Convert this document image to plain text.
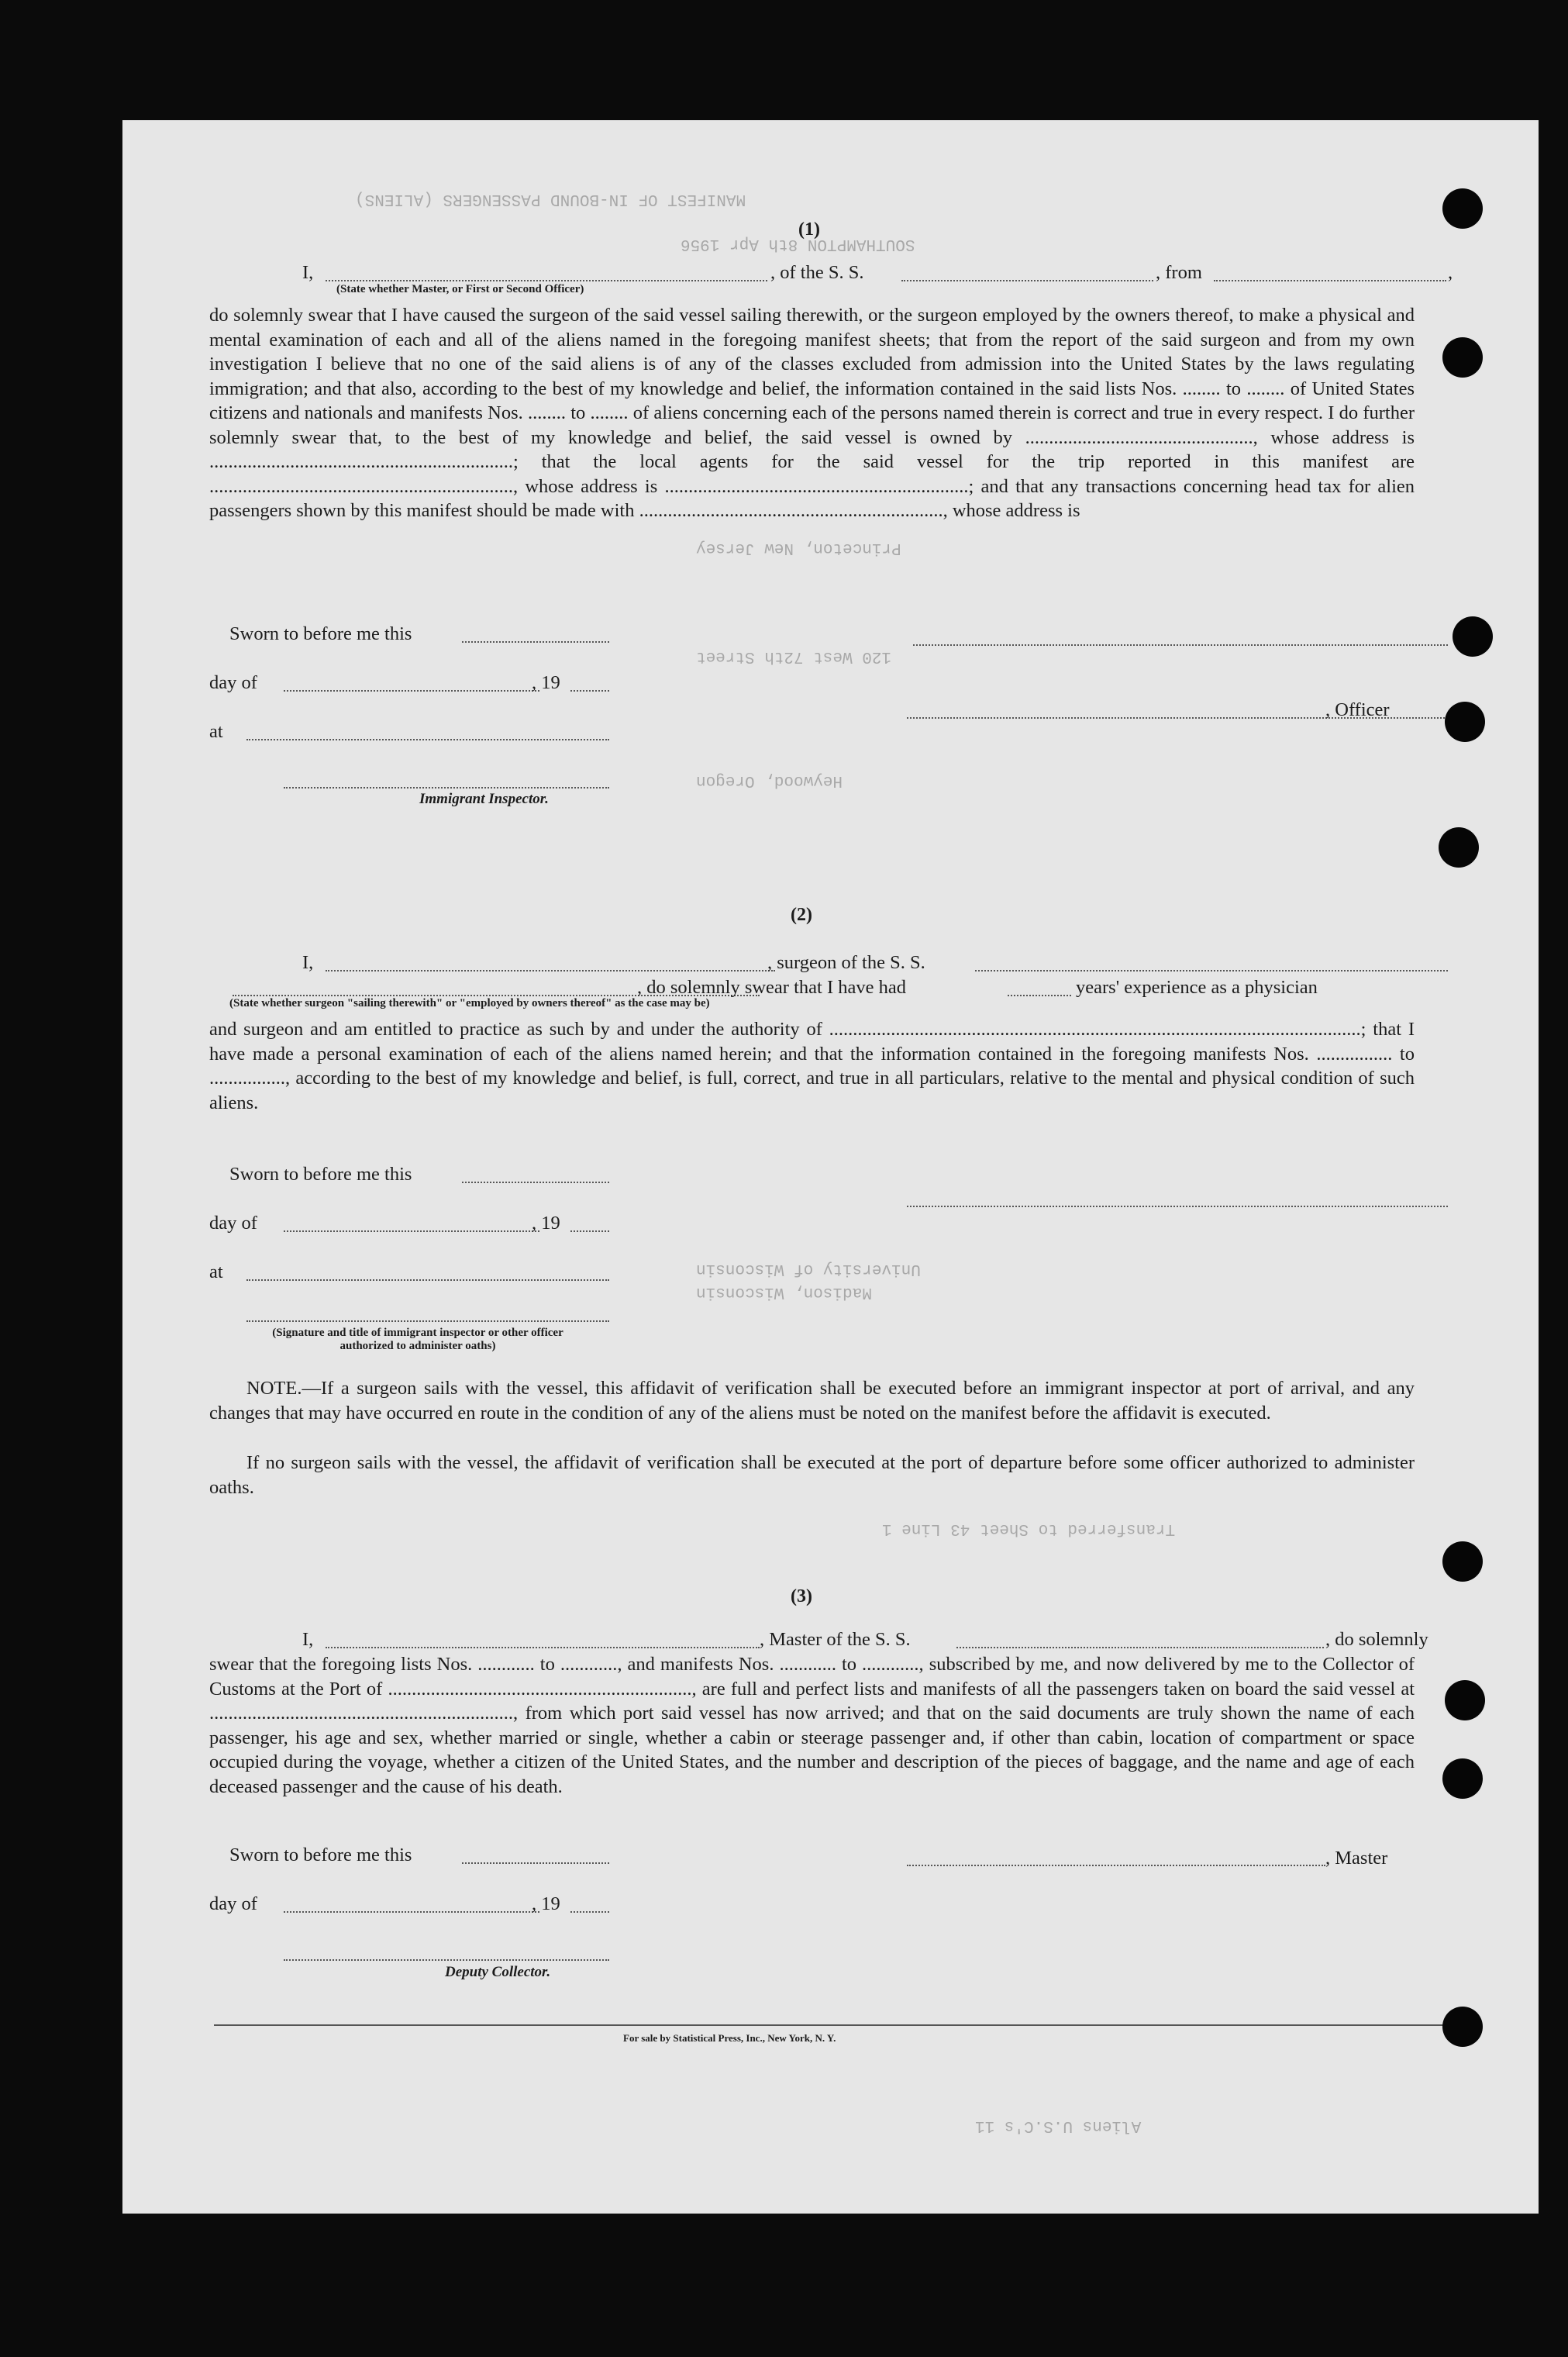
MANIFEST OF IN-BOUND PASSENGERS (ALIENS)
SOUTHAMPTON 8th Apr 1956
Princeton, New Jersey
120 West 72th Street
Heywood, Oregon
University of Wisconsin
Madison, Wisconsin
Transferred to Sheet 43 Line 1
Aliens U.S.C's 11
(1)
I,	, of the S. S.	, from	,
(State whether Master, or First or Second Officer)
do solemnly swear that I have caused the surgeon of the said vessel sailing therewith, or the surgeon employed by the owners thereof, to make a physical and mental examination of each and all of the aliens named in the foregoing manifest sheets; that from the report of the said surgeon and from my own investigation I believe that no one of the said aliens is of any of the classes excluded from admission into the United States by the laws regulating immigration; and that also, according to the best of my knowledge and belief, the information contained in the said lists Nos. ........ to ........ of United States citizens and nationals and manifests Nos. ........ to ........ of aliens concerning each of the persons named therein is correct and true in every respect. I do further solemnly swear that, to the best of my knowledge and belief, the said vessel is owned by ................................................, whose address is ................................................................; that the local agents for the said vessel for the trip reported in this manifest are ................................................................, whose address is ................................................................; and that any transactions concerning head tax for alien passengers shown by this manifest should be made with ................................................................, whose address is
Sworn to before me this
day of	, 19
at
Immigrant Inspector.
, Officer
(2)
I,	, surgeon of the S. S.
, do solemnly swear that I have had	years' experience as a physician
(State whether surgeon "sailing therewith" or "employed by owners thereof" as the case may be)
and surgeon and am entitled to practice as such by and under the authority of ................................................................................................................; that I have made a personal examination of each of the aliens named herein; and that the information contained in the foregoing manifests Nos. ................ to ................, according to the best of my knowledge and belief, is full, correct, and true in all particulars, relative to the mental and physical condition of such aliens.
Sworn to before me this
day of	, 19
at
(Signature and title of immigrant inspector or other officer authorized to administer oaths)
NOTE.—If a surgeon sails with the vessel, this affidavit of verification shall be executed before an immigrant inspector at port of arrival, and any changes that may have occurred en route in the condition of any of the aliens must be noted on the manifest before the affidavit is executed.
If no surgeon sails with the vessel, the affidavit of verification shall be executed at the port of departure before some officer authorized to administer oaths.
(3)
I,	, Master of the S. S.	, do solemnly
swear that the foregoing lists Nos. ............ to ............, and manifests Nos. ............ to ............, subscribed by me, and now delivered by me to the Collector of Customs at the Port of ................................................................, are full and perfect lists and manifests of all the passengers taken on board the said vessel at ................................................................, from which port said vessel has now arrived; and that on the said documents are truly shown the name of each passenger, his age and sex, whether married or single, whether a cabin or steerage passenger and, if other than cabin, location of compartment or space occupied during the voyage, whether a citizen of the United States, and the number and description of the pieces of baggage, and the name and age of each deceased passenger and the cause of his death.
Sworn to before me this
day of	, 19
Deputy Collector.
, Master
For sale by Statistical Press, Inc., New York, N. Y.
